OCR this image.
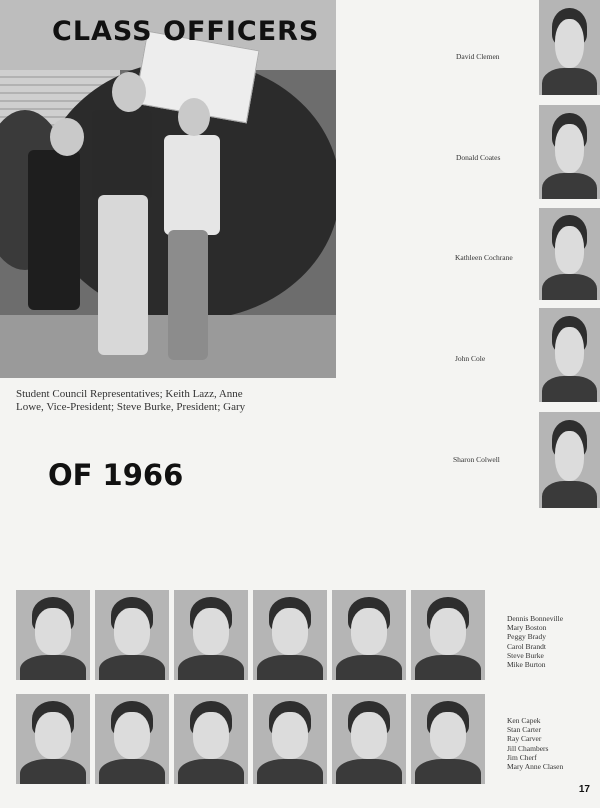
CLASS OFFICERS
Student Council Representatives; Keith Lazz, Anne Lowe, Vice-President; Steve Burke, President; Gary
OF 1966
David Clemen
Donald Coates
Kathleen Cochrane
John Cole
Sharon Colwell
Dennis Bonneville
Mary Boston
Peggy Brady
Carol Brandt
Steve Burke
Mike Burton
Ken Capek
Stan Carter
Ray Carver
Jill Chambers
Jim Cherf
Mary Anne Clasen
17
